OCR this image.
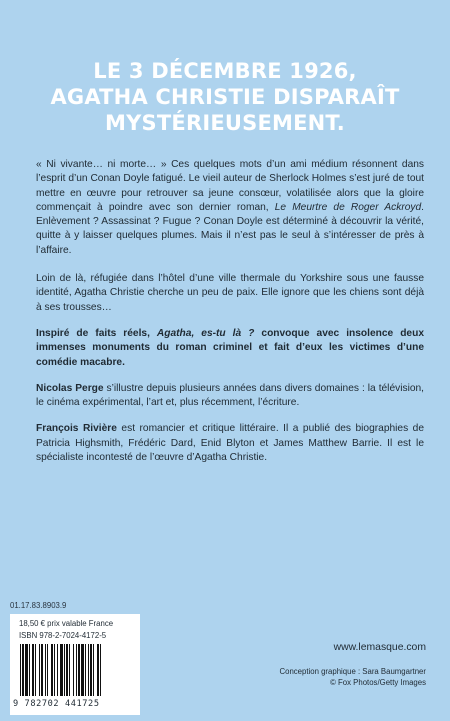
LE 3 DÉCEMBRE 1926,
AGATHA CHRISTIE DISPARAÎT
MYSTÉRIEUSEMENT.

« Ni vivante… ni morte… » Ces quelques mots d’un ami médium résonnent dans l’esprit d’un Conan Doyle fatigué. Le vieil auteur de Sherlock Holmes s’est juré de tout mettre en œuvre pour retrouver sa jeune consœur, volatilisée alors que la gloire commençait à poindre avec son dernier roman, Le Meurtre de Roger Ackroyd. Enlèvement ? Assassinat ? Fugue ? Conan Doyle est déterminé à découvrir la vérité, quitte à y laisser quelques plumes. Mais il n’est pas le seul à s’intéresser de près à l’affaire.

Loin de là, réfugiée dans l’hôtel d’une ville thermale du Yorkshire sous une fausse identité, Agatha Christie cherche un peu de paix. Elle ignore que les chiens sont déjà à ses trousses…

Inspiré de faits réels, Agatha, es-tu là ? convoque avec insolence deux immenses monuments du roman criminel et fait d’eux les victimes d’une comédie macabre.

Nicolas Perge s’illustre depuis plusieurs années dans divers domaines : la télévision, le cinéma expérimental, l’art et, plus récemment, l’écriture.

François Rivière est romancier et critique littéraire. Il a publié des biographies de Patricia Highsmith, Frédéric Dard, Enid Blyton et James Matthew Barrie. Il est le spécialiste incontesté de l’œuvre d’Agatha Christie.

01.17.83.8903.9
18,50 € prix valable France
ISBN 978-2-7024-4172-5
9 782702 441725
www.lemasque.com
Conception graphique : Sara Baumgartner
© Fox Photos/Getty Images
